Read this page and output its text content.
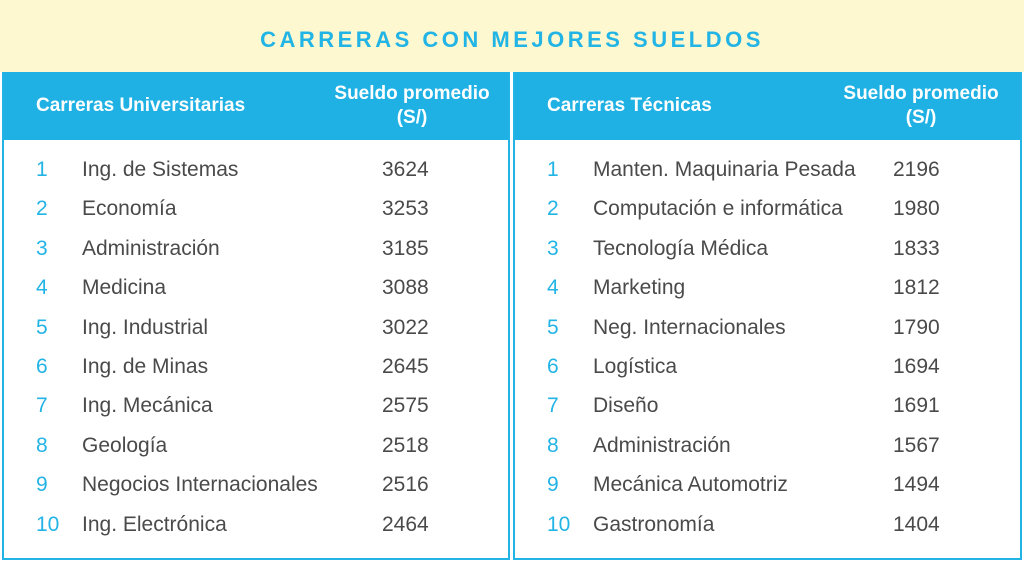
CARRERAS CON MEJORES SUELDOS
Carreras Universitarias
Sueldo promedio
(S/)
1 Ing. de Sistemas	3624
2 Economía	3253
3 Administración	3185
4 Medicina	3088
5 Ing. Industrial	3022
6 Ing. de Minas	2645
7 Ing. Mecánica	2575
8 Geología	2518
9 Negocios Internacionales	2516
10 Ing. Electrónica	2464
Carreras Técnicas
Sueldo promedio
(S/)
1 Manten. Maquinaria Pesada 2196
2 Computación e informática 1980
3 Tecnología Médica	1833
4 Marketing	1812
5 Neg. Internacionales	1790
6 Logística	1694
7 Diseño	1691
8 Administración	1567
9 Mecánica Automotriz	1494
10 Gastronomía	1404
